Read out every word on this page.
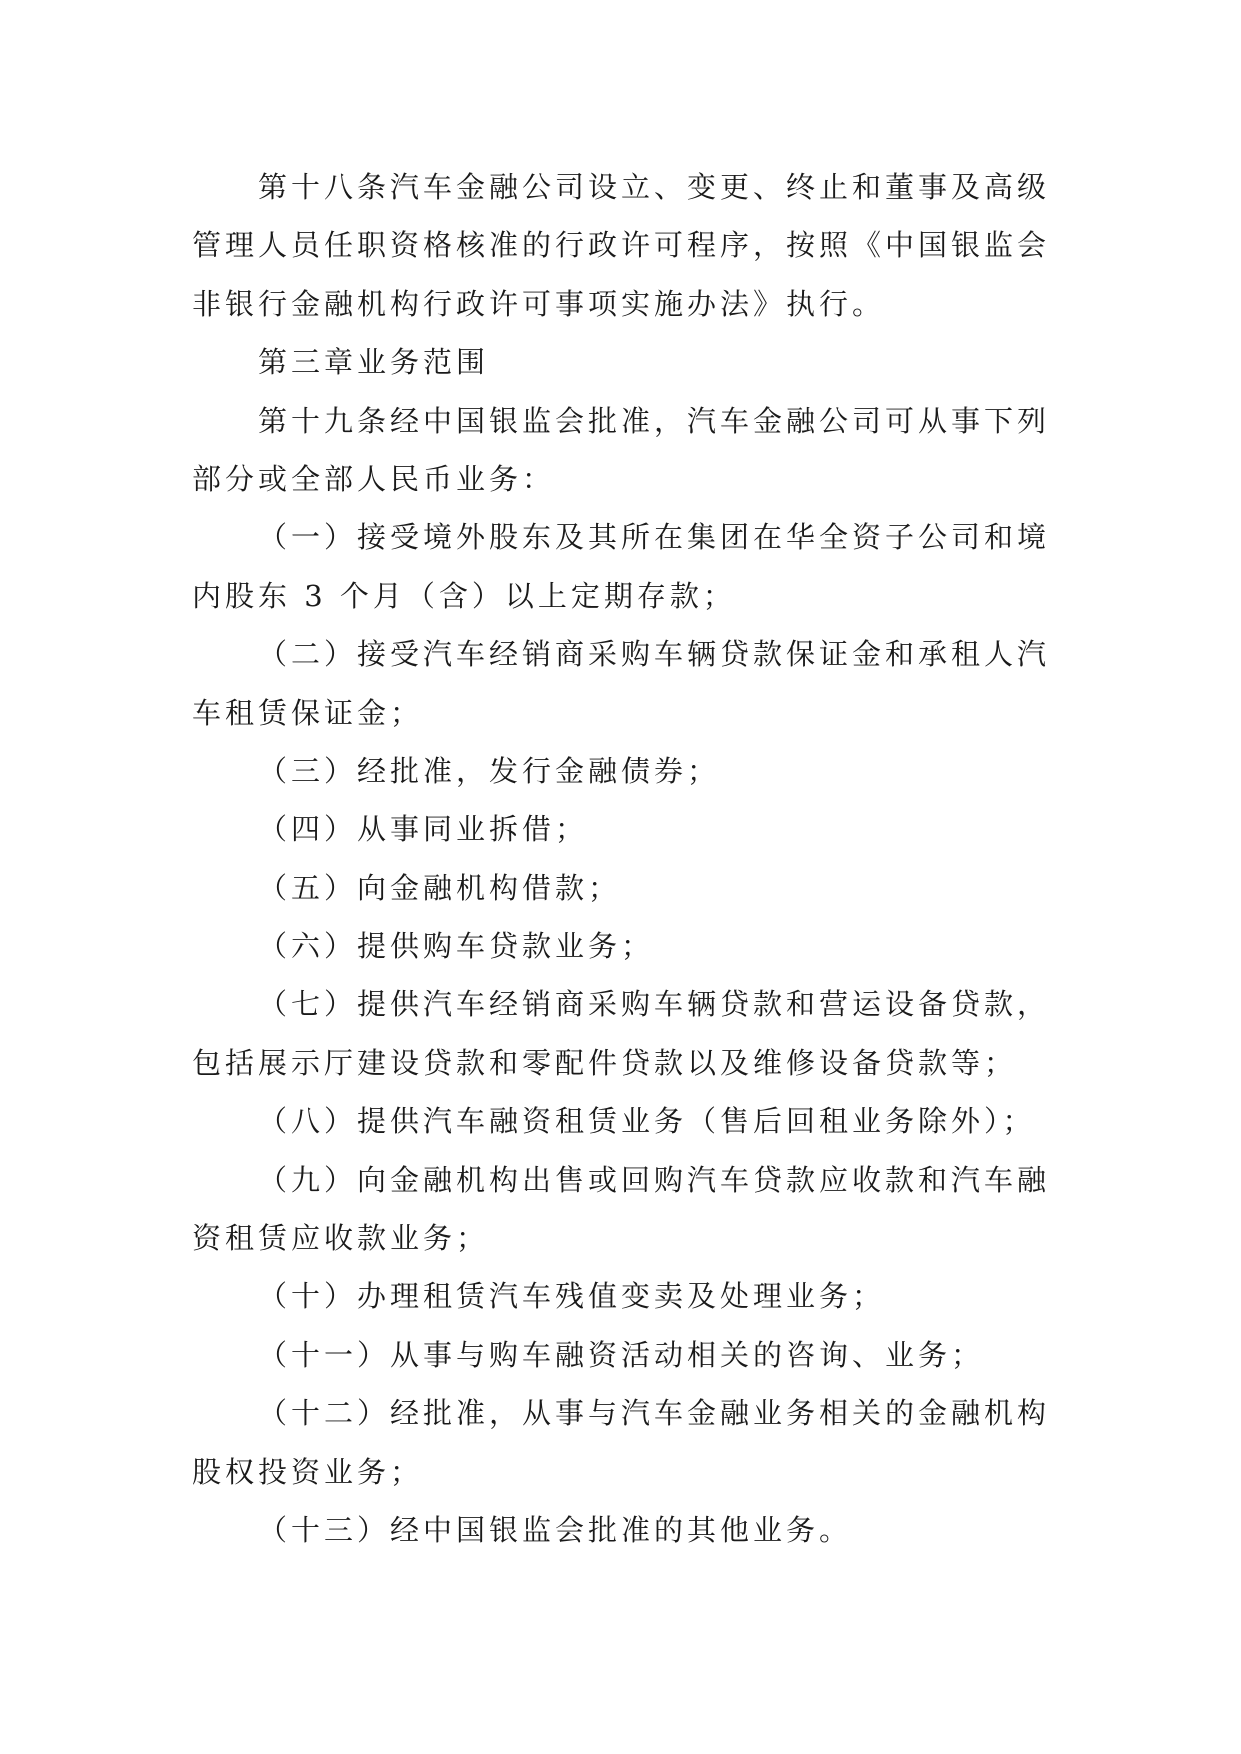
第十八条汽车金融公司设立、变更、终止和董事及高级
管理人员任职资格核准的行政许可程序，按照《中国银监会
非银行金融机构行政许可事项实施办法》执行。
第三章业务范围
第十九条经中国银监会批准，汽车金融公司可从事下列
部分或全部人民币业务：
（一）接受境外股东及其所在集团在华全资子公司和境
内股东 3 个月（含）以上定期存款；
（二）接受汽车经销商采购车辆贷款保证金和承租人汽
车租赁保证金；
（三）经批准，发行金融债券；
（四）从事同业拆借；
（五）向金融机构借款；
（六）提供购车贷款业务；
（七）提供汽车经销商采购车辆贷款和营运设备贷款，
包括展示厅建设贷款和零配件贷款以及维修设备贷款等；
（八）提供汽车融资租赁业务（售后回租业务除外）；
（九）向金融机构出售或回购汽车贷款应收款和汽车融
资租赁应收款业务；
（十）办理租赁汽车残值变卖及处理业务；
（十一）从事与购车融资活动相关的咨询、业务；
（十二）经批准，从事与汽车金融业务相关的金融机构
股权投资业务；
（十三）经中国银监会批准的其他业务。
